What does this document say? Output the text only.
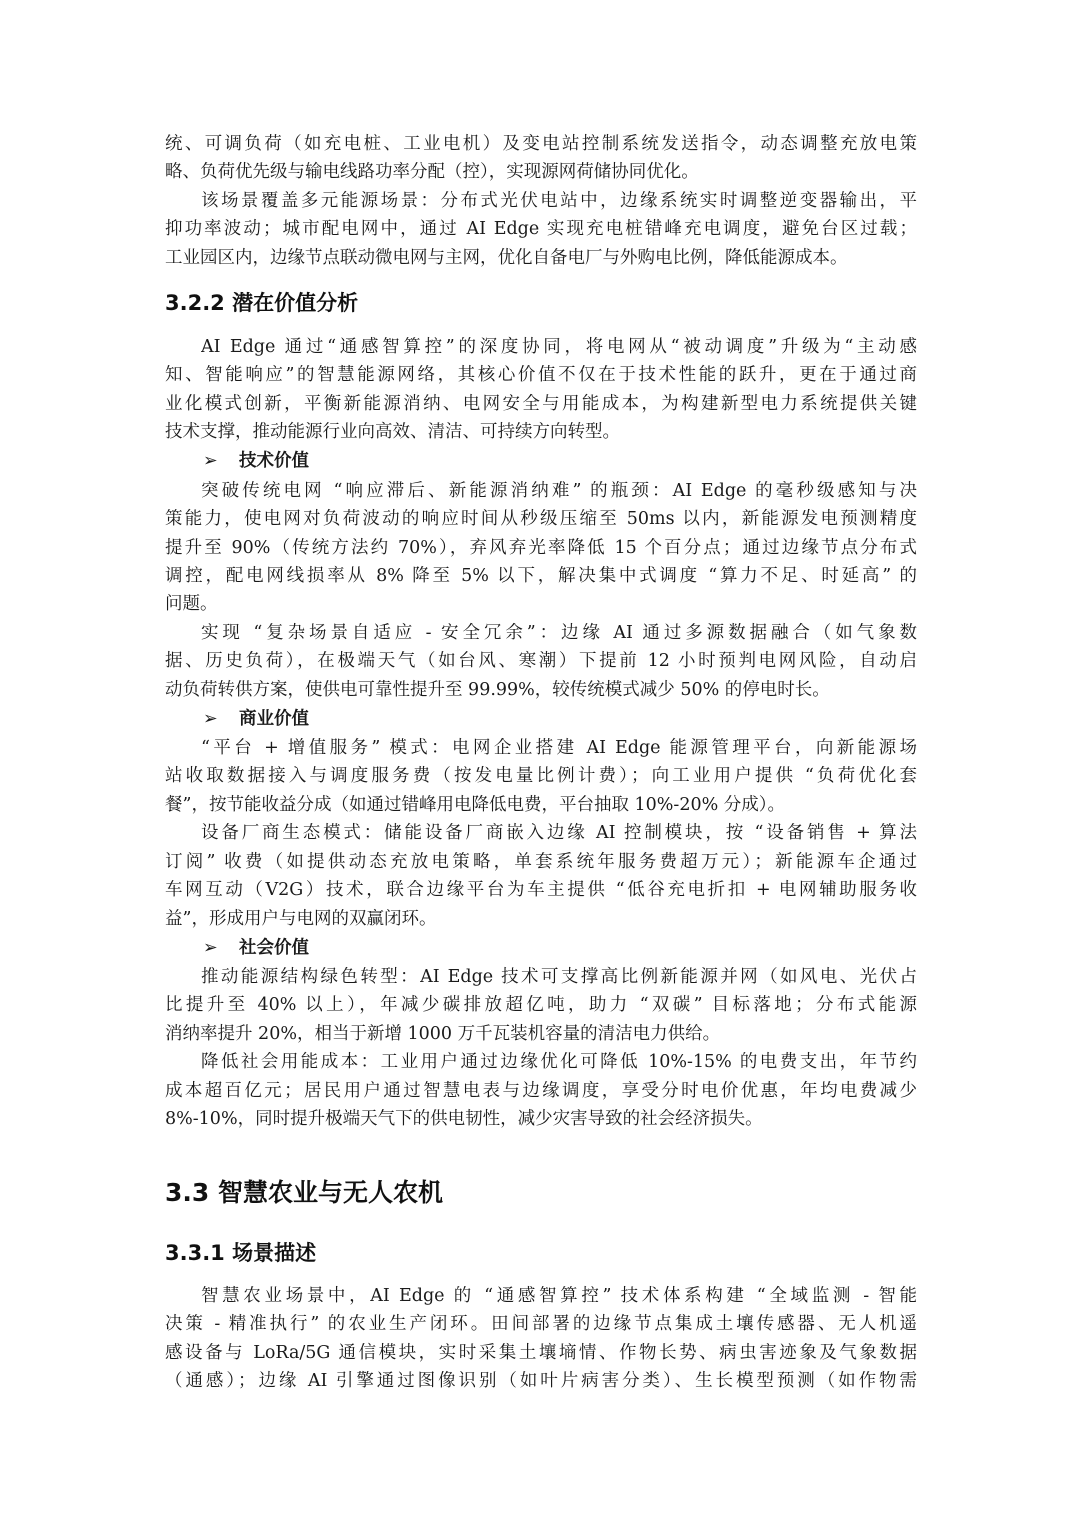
统、可调负荷（如充电桩、工业电机）及变电站控制系统发送指令，动态调整充放电策
略、负荷优先级与输电线路功率分配（控），实现源网荷储协同优化。
该场景覆盖多元能源场景：分布式光伏电站中，边缘系统实时调整逆变器输出，平
抑功率波动；城市配电网中，通过 AI Edge 实现充电桩错峰充电调度，避免台区过载；
工业园区内，边缘节点联动微电网与主网，优化自备电厂与外购电比例，降低能源成本。
3.2.2 潜在价值分析
AI Edge 通过“通感智算控”的深度协同，将电网从“被动调度”升级为“主动感
知、智能响应”的智慧能源网络，其核心价值不仅在于技术性能的跃升，更在于通过商
业化模式创新，平衡新能源消纳、电网安全与用能成本，为构建新型电力系统提供关键
技术支撑，推动能源行业向高效、清洁、可持续方向转型。
➢ 技术价值
突破传统电网 “响应滞后、新能源消纳难” 的瓶颈：AI Edge 的毫秒级感知与决
策能力，使电网对负荷波动的响应时间从秒级压缩至 50ms 以内，新能源发电预测精度
提升至 90%（传统方法约 70%），弃风弃光率降低 15 个百分点；通过边缘节点分布式
调控，配电网线损率从 8% 降至 5% 以下，解决集中式调度 “算力不足、时延高” 的
问题。
实现 “复杂场景自适应 - 安全冗余”：边缘 AI 通过多源数据融合（如气象数
据、历史负荷），在极端天气（如台风、寒潮）下提前 12 小时预判电网风险，自动启
动负荷转供方案，使供电可靠性提升至 99.99%，较传统模式减少 50% 的停电时长。
➢ 商业价值
“平台 + 增值服务” 模式：电网企业搭建 AI Edge 能源管理平台，向新能源场
站收取数据接入与调度服务费（按发电量比例计费）；向工业用户提供 “负荷优化套
餐”，按节能收益分成（如通过错峰用电降低电费，平台抽取 10%-20% 分成）。
设备厂商生态模式：储能设备厂商嵌入边缘 AI 控制模块，按 “设备销售 + 算法
订阅” 收费（如提供动态充放电策略，单套系统年服务费超万元）；新能源车企通过
车网互动（V2G）技术，联合边缘平台为车主提供 “低谷充电折扣 + 电网辅助服务收
益”，形成用户与电网的双赢闭环。
➢ 社会价值
推动能源结构绿色转型：AI Edge 技术可支撑高比例新能源并网（如风电、光伏占
比提升至 40% 以上），年减少碳排放超亿吨，助力 “双碳” 目标落地；分布式能源
消纳率提升 20%，相当于新增 1000 万千瓦装机容量的清洁电力供给。
降低社会用能成本：工业用户通过边缘优化可降低 10%-15% 的电费支出，年节约
成本超百亿元；居民用户通过智慧电表与边缘调度，享受分时电价优惠，年均电费减少
8%-10%，同时提升极端天气下的供电韧性，减少灾害导致的社会经济损失。
3.3 智慧农业与无人农机
3.3.1 场景描述
智慧农业场景中，AI Edge 的 “通感智算控” 技术体系构建 “全域监测 - 智能
决策 - 精准执行” 的农业生产闭环。田间部署的边缘节点集成土壤传感器、无人机遥
感设备与 LoRa/5G 通信模块，实时采集土壤墒情、作物长势、病虫害迹象及气象数据
（通感）；边缘 AI 引擎通过图像识别（如叶片病害分类）、生长模型预测（如作物需
